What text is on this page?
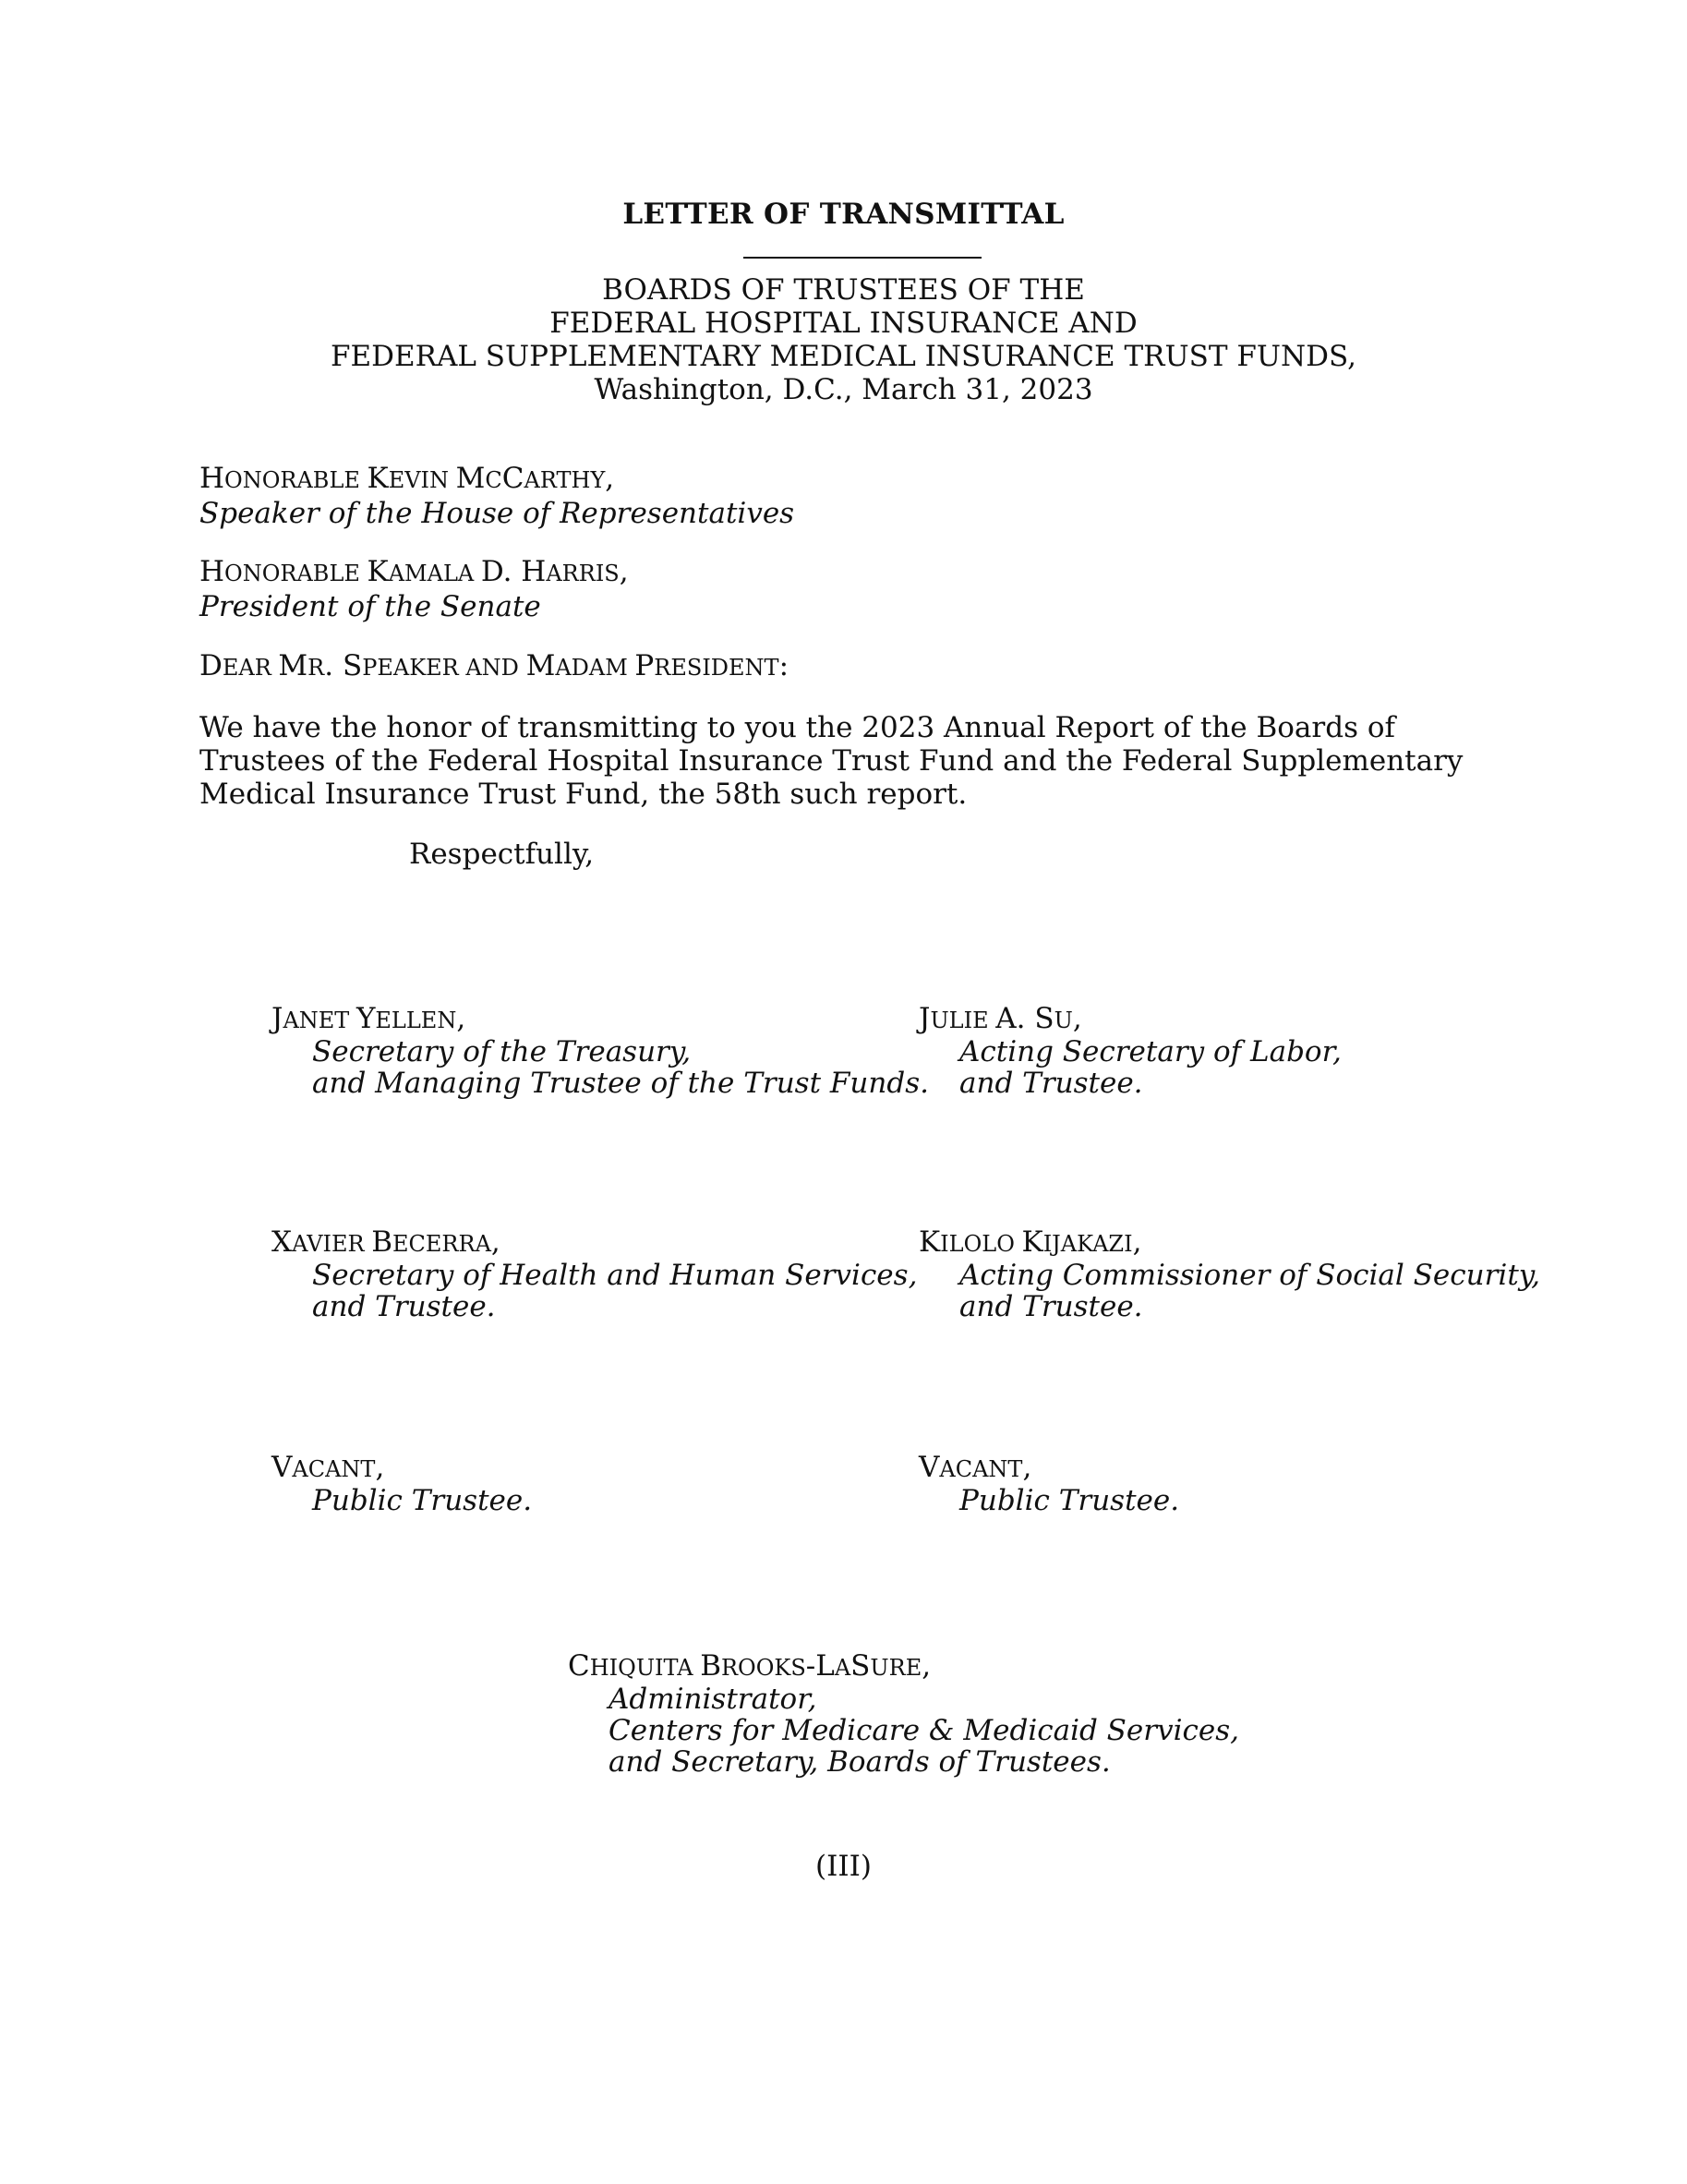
LETTER OF TRANSMITTAL
BOARDS OF TRUSTEES OF THE
FEDERAL HOSPITAL INSURANCE AND
FEDERAL SUPPLEMENTARY MEDICAL INSURANCE TRUST FUNDS,
Washington, D.C., March 31, 2023
HONORABLE KEVIN MCCARTHY,
Speaker of the House of Representatives
HONORABLE KAMALA D. HARRIS,
President of the Senate
DEAR MR. SPEAKER AND MADAM PRESIDENT:
We have the honor of transmitting to you the 2023 Annual Report of the Boards of Trustees of the Federal Hospital Insurance Trust Fund and the Federal Supplementary Medical Insurance Trust Fund, the 58th such report.
Respectfully,
JANET YELLEN,
Secretary of the Treasury,
and Managing Trustee of the Trust Funds.
JULIE A. SU,
Acting Secretary of Labor,
and Trustee.
XAVIER BECERRA,
Secretary of Health and Human Services,
and Trustee.
KILOLO KIJAKAZI,
Acting Commissioner of Social Security,
and Trustee.
VACANT,
Public Trustee.
VACANT,
Public Trustee.
CHIQUITA BROOKS-LASURE,
Administrator,
Centers for Medicare & Medicaid Services,
and Secretary, Boards of Trustees.
(III)
